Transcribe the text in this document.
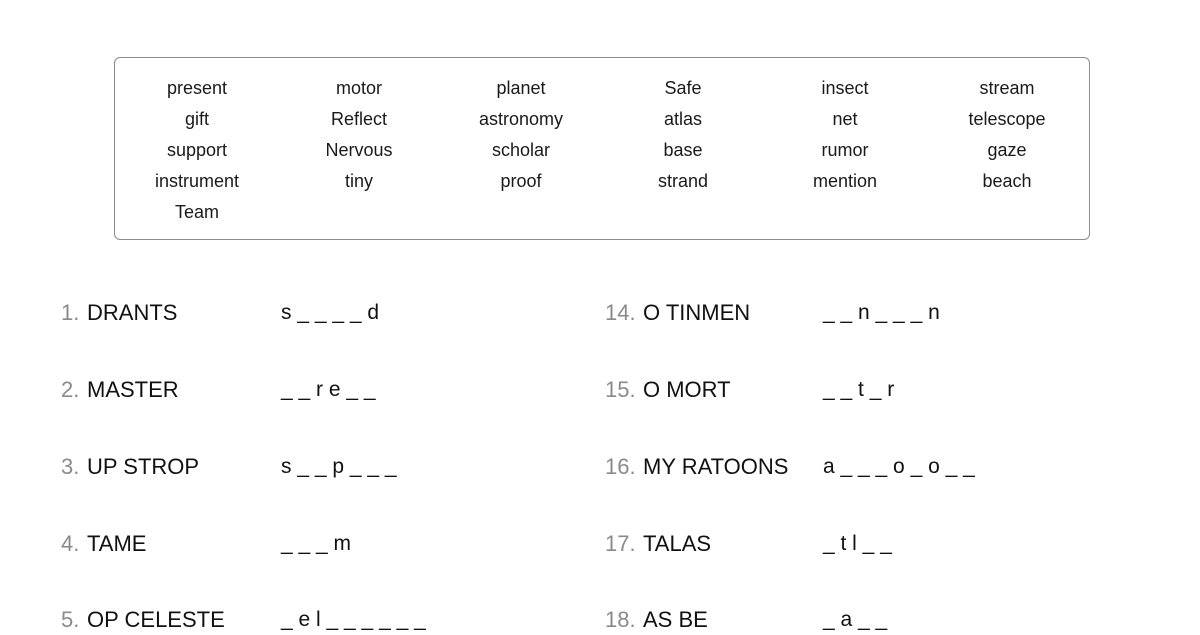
present	motor	planet	Safe	insect	stream
gift	Reflect	astronomy	atlas	net	telescope
support	Nervous	scholar	base	rumor	gaze
instrument	tiny	proof	strand	mention	beach
Team
1. DRANTS	s _ _ _ _ d
2. MASTER	_ _ r e _ _
3. UP STROP	s _ _ p _ _ _
4. TAME	_ _ _ m
5. OP CELESTE	_ e l _ _ _ _ _ _
14. O TINMEN	_ _ n _ _ _ n
15. O MORT	_ _ t _ r
16. MY RATOONS a _ _ _ o _ o _ _
17. TALAS	_ t l _ _
18. AS BE	_ a _ _
